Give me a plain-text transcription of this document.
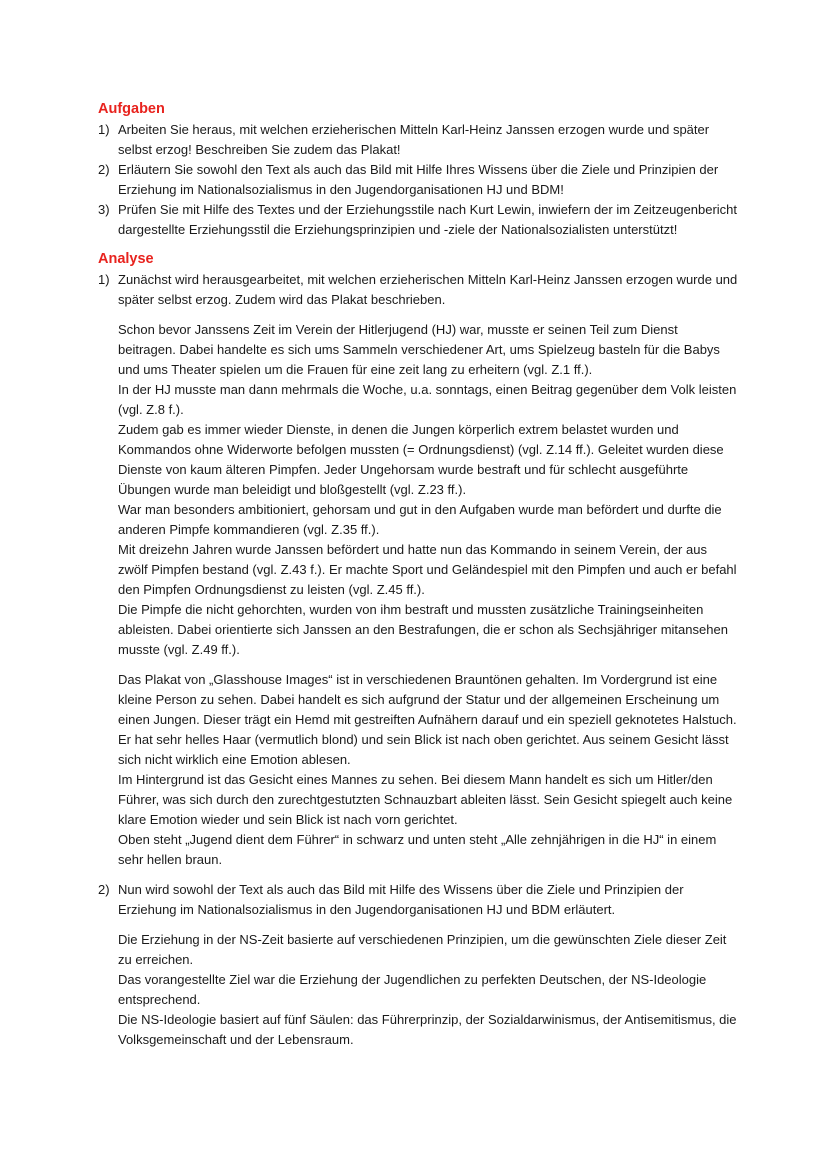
Aufgaben
1) Arbeiten Sie heraus, mit welchen erzieherischen Mitteln Karl-Heinz Janssen erzogen wurde und später selbst erzog! Beschreiben Sie zudem das Plakat!
2) Erläutern Sie sowohl den Text als auch das Bild mit Hilfe Ihres Wissens über die Ziele und Prinzipien der Erziehung im Nationalsozialismus in den Jugendorganisationen HJ und BDM!
3) Prüfen Sie mit Hilfe des Textes und der Erziehungsstile nach Kurt Lewin, inwiefern der im Zeitzeugenbericht dargestellte Erziehungsstil die Erziehungsprinzipien und -ziele der Nationalsozialisten unterstützt!
Analyse
1) Zunächst wird herausgearbeitet, mit welchen erzieherischen Mitteln Karl-Heinz Janssen erzogen wurde und später selbst erzog. Zudem wird das Plakat beschrieben.

Schon bevor Janssens Zeit im Verein der Hitlerjugend (HJ) war, musste er seinen Teil zum Dienst beitragen. Dabei handelte es sich ums Sammeln verschiedener Art, ums Spielzeug basteln für die Babys und ums Theater spielen um die Frauen für eine zeit lang zu erheitern (vgl. Z.1 ff.).

In der HJ musste man dann mehrmals die Woche, u.a. sonntags, einen Beitrag gegenüber dem Volk leisten (vgl. Z.8 f.).

Zudem gab es immer wieder Dienste, in denen die Jungen körperlich extrem belastet wurden und Kommandos ohne Widerworte befolgen mussten (= Ordnungsdienst) (vgl. Z.14 ff.). Geleitet wurden diese Dienste von kaum älteren Pimpfen. Jeder Ungehorsam wurde bestraft und für schlecht ausgeführte Übungen wurde man beleidigt und bloßgestellt (vgl. Z.23 ff.).

War man besonders ambitioniert, gehorsam und gut in den Aufgaben wurde man befördert und durfte die anderen Pimpfe kommandieren (vgl. Z.35 ff.).

Mit dreizehn Jahren wurde Janssen befördert und hatte nun das Kommando in seinem Verein, der aus zwölf Pimpfen bestand (vgl. Z.43 f.). Er machte Sport und Geländespiel mit den Pimpfen und auch er befahl den Pimpfen Ordnungsdienst zu leisten (vgl. Z.45 ff.).

Die Pimpfe die nicht gehorchten, wurden von ihm bestraft und mussten zusätzliche Trainingseinheiten ableisten. Dabei orientierte sich Janssen an den Bestrafungen, die er schon als Sechsjähriger mitansehen musste (vgl. Z.49 ff.).

Das Plakat von „Glasshouse Images“ ist in verschiedenen Brauntönen gehalten. Im Vordergrund ist eine kleine Person zu sehen. Dabei handelt es sich aufgrund der Statur und der allgemeinen Erscheinung um einen Jungen. Dieser trägt ein Hemd mit gestreiften Aufnähern darauf und ein speziell geknotetes Halstuch. Er hat sehr helles Haar (vermutlich blond) und sein Blick ist nach oben gerichtet. Aus seinem Gesicht lässt sich nicht wirklich eine Emotion ablesen.

Im Hintergrund ist das Gesicht eines Mannes zu sehen. Bei diesem Mann handelt es sich um Hitler/den Führer, was sich durch den zurechtgestutzten Schnauzbart ableiten lässt. Sein Gesicht spiegelt auch keine klare Emotion wieder und sein Blick ist nach vorn gerichtet.

Oben steht „Jugend dient dem Führer“ in schwarz und unten steht „Alle zehnjährigen in die HJ“ in einem sehr hellen braun.

2) Nun wird sowohl der Text als auch das Bild mit Hilfe des Wissens über die Ziele und Prinzipien der Erziehung im Nationalsozialismus in den Jugendorganisationen HJ und BDM erläutert.

Die Erziehung in der NS-Zeit basierte auf verschiedenen Prinzipien, um die gewünschten Ziele dieser Zeit zu erreichen.

Das vorangestellte Ziel war die Erziehung der Jugendlichen zu perfekten Deutschen, der NS-Ideologie entsprechend.

Die NS-Ideologie basiert auf fünf Säulen: das Führerprinzip, der Sozialdarwinismus, der Antisemitismus, die Volksgemeinschaft und der Lebensraum.
